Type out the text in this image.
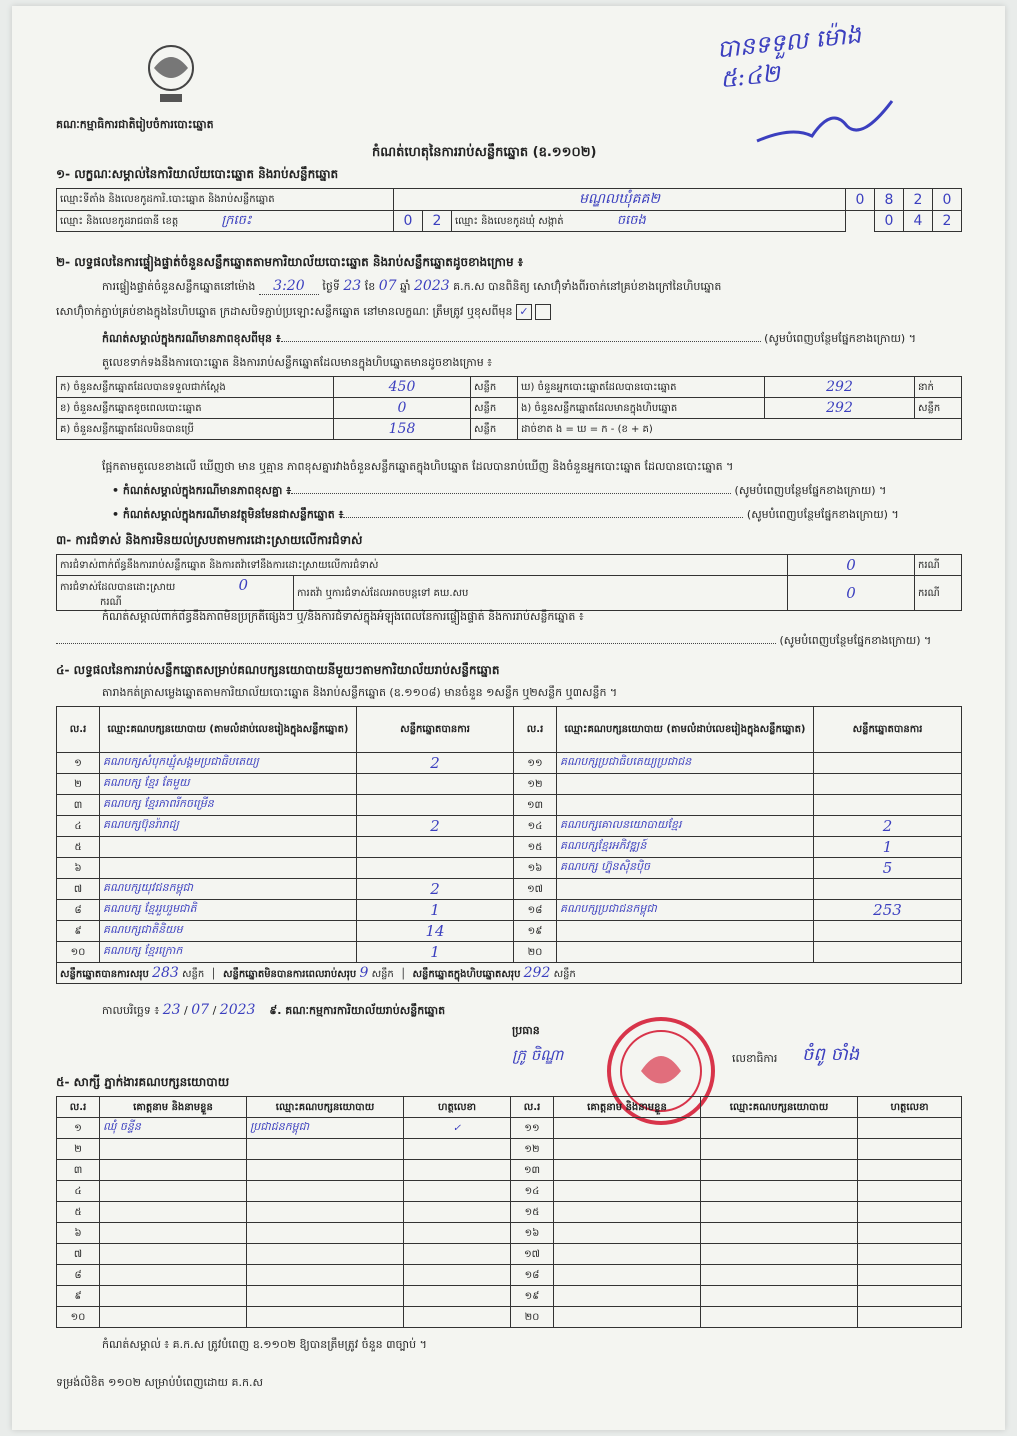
គណៈកម្មាធិការជាតិរៀបចំការបោះឆ្នោត
បានទទួល ម៉ោង ៥:៤២
កំណត់ហេតុនៃការរាប់សន្លឹកឆ្នោត (ឧ.១១០២)
១- លក្ខណៈសម្គាល់នៃការិយាល័យបោះឆ្នោត និងរាប់សន្លឹកឆ្នោត
ឈ្មោះទីតាំង និងលេខកូដការិ.បោះឆ្នោត និងរាប់សន្លឹកឆ្នោត	មណ្ឌលឃុំគគ២			0	8	2	0
ឈ្មោះ និងលេខកូដរាជធានី ខេត្ត ក្រចេះ	0	2	ឈ្មោះ និងលេខកូដឃុំ សង្កាត់ ចចេង		0	4	2
២- លទ្ធផលនៃការផ្ទៀងផ្ទាត់ចំនួនសន្លឹកឆ្នោតតាមការិយាល័យបោះឆ្នោត និងរាប់សន្លឹកឆ្នោតដូចខាងក្រោម ៖
ការផ្ទៀងផ្ទាត់ចំនួនសន្លឹកឆ្នោតនៅម៉ោង 3:20 ថ្ងៃទី 23 ខែ 07 ឆ្នាំ 2023 គ.ក.ស បានពិនិត្យ សោហ៊ុំទាំងពីរចាក់នៅគ្រប់ខាងក្រៅនៃហិបឆ្នោត
សោហ៊ុំចាក់ភ្ជាប់គ្រប់ខាងក្នុងនៃហិបឆ្នោត ក្រដាសបិទភ្ជាប់ប្រឡោះសន្លឹកឆ្នោត នៅមានលក្ខណៈ ត្រឹមត្រូវ ឬខុសពីមុន ✓
កំណត់សម្គាល់ក្នុងករណីមានភាពខុសពីមុន ៖	(សូមបំពេញបន្ថែមផ្នែកខាងក្រោយ) ។
តួលេខទាក់ទងនឹងការបោះឆ្នោត និងការរាប់សន្លឹកឆ្នោតដែលមានក្នុងហិបឆ្នោតមានដូចខាងក្រោម ៖
ក) ចំនួនសន្លឹកឆ្នោតដែលបានទទួលជាក់ស្តែង	450	សន្លឹក	ឃ) ចំនួនអ្នកបោះឆ្នោតដែលបានបោះឆ្នោត	292	នាក់
ខ) ចំនួនសន្លឹកឆ្នោតខូចពេលបោះឆ្នោត	0	សន្លឹក	ង) ចំនួនសន្លឹកឆ្នោតដែលមានក្នុងហិបឆ្នោត	292	សន្លឹក
គ) ចំនួនសន្លឹកឆ្នោតដែលមិនបានប្រើ	158	សន្លឹក	ដាច់ខាត ង = ឃ = ក - (ខ + គ)		
ផ្អែកតាមតួលេខខាងលើ ឃើញថា មាន ឬគ្មាន ភាពខុសគ្នារវាងចំនួនសន្លឹកឆ្នោតក្នុងហិបឆ្នោត ដែលបានរាប់ឃើញ និងចំនួនអ្នកបោះឆ្នោត ដែលបានបោះឆ្នោត ។
• កំណត់សម្គាល់ក្នុងករណីមានភាពខុសគ្នា ៖	(សូមបំពេញបន្ថែមផ្នែកខាងក្រោយ) ។
• កំណត់សម្គាល់ក្នុងករណីមានវត្ថុមិនមែនជាសន្លឹកឆ្នោត ៖	(សូមបំពេញបន្ថែមផ្នែកខាងក្រោយ) ។
៣- ការជំទាស់ និងការមិនយល់ស្របតាមការដោះស្រាយលើការជំទាស់
ការជំទាស់ពាក់ព័ន្ធនឹងការរាប់សន្លឹកឆ្នោត និងការតវ៉ាទៅនឹងការដោះស្រាយលើការជំទាស់		0	ករណី
ការជំទាស់ដែលបានដោះស្រាយ 0 ករណី	ការតវ៉ា ឬការជំទាស់ដែលអាចបន្តទៅ គឃ.សប	0	ករណី
កំណត់សម្គាល់ពាក់ព័ន្ធនឹងភាពមិនប្រក្រតីផ្សេងៗ ឬ/និងការជំទាស់ក្នុងអំឡុងពេលនៃការផ្ទៀងផ្ទាត់ និងការរាប់សន្លឹកឆ្នោត ៖
(សូមបំពេញបន្ថែមផ្នែកខាងក្រោយ) ។
៤- លទ្ធផលនៃការរាប់សន្លឹកឆ្នោតសម្រាប់គណបក្សនយោបាយនីមួយៗតាមការិយាល័យរាប់សន្លឹកឆ្នោត
តារាងកត់ត្រាសម្លេងឆ្នោតតាមការិយាល័យបោះឆ្នោត និងរាប់សន្លឹកឆ្នោត (ឧ.១១០៨) មានចំនួន ១សន្លឹក ឬ២សន្លឹក ឬ៣សន្លឹក ។
ល.រ	ឈ្មោះគណបក្សនយោបាយ (តាមលំដាប់លេខរៀងក្នុងសន្លឹកឆ្នោត)	សន្លឹកឆ្នោតបានការ	ល.រ	ឈ្មោះគណបក្សនយោបាយ (តាមលំដាប់លេខរៀងក្នុងសន្លឹកឆ្នោត)	សន្លឹកឆ្នោតបានការ
១	គណបក្សសំបុកឃ្មុំសង្គមប្រជាធិបតេយ្យ	2	១១	គណបក្សប្រជាធិបតេយ្យប្រជាជន	
២	គណបក្ស ខ្មែរ តែមួយ		១២		
៣	គណបក្ស ខ្មែរភាពរីកចម្រើន		១៣		
៤	គណបក្សប៊ុនរ៉ារាជ្យ	2	១៤	គណបក្សគោលនយោបាយខ្មែរ	2
៥			១៥	គណបក្សខ្មែរអភិវឌ្ឍន៍	1
៦			១៦	គណបក្ស ហ្វ៊ុនស៊ិនប៉ិច	5
៧	គណបក្សយុវជនកម្ពុជា	2	១៧		
៨	គណបក្ស ខ្មែររួបរួមជាតិ	1	១៨	គណបក្សប្រជាជនកម្ពុជា	253
៩	គណបក្សជាតិនិយម	14	១៩		
១០	គណបក្ស ខ្មែរក្រោក	1	២០		
សន្លឹកឆ្នោតបានការសរុប 283 សន្លឹក  │  សន្លឹកឆ្នោតមិនបានការពេលរាប់សរុប 9 សន្លឹក  │  សន្លឹកឆ្នោតក្នុងហិបឆ្នោតសរុប 292 សន្លឹក					
កាលបរិច្ឆេទ ៖ 23 / 07 / 2023 ៩. គណៈកម្មការការិយាល័យរាប់សន្លឹកឆ្នោត
ប្រធាន
ក្រូ ចិណ្ឌា	លេខាធិការ ចំពូ ចាំង
៥- សាក្សី ភ្នាក់ងារគណបក្សនយោបាយ
ល.រ	គោត្តនាម និងនាមខ្លួន	ឈ្មោះគណបក្សនយោបាយ	ហត្ថលេខា	ល.រ	គោត្តនាម និងនាមខ្លួន	ឈ្មោះគណបក្សនយោបាយ	ហត្ថលេខា
១	ឈុំ ចន្ទីន	ប្រជាជនកម្ពុជា	✓	១១			
២				១២			
៣				១៣			
៤				១៤			
៥				១៥			
៦				១៦			
៧				១៧			
៨				១៨			
៩				១៩			
១០				២០			
កំណត់សម្គាល់ ៖ គ.ក.ស ត្រូវបំពេញ ឧ.១១០២ ឱ្យបានត្រឹមត្រូវ ចំនួន ៣ច្បាប់ ។
ទម្រង់លិខិត ១១០២ សម្រាប់បំពេញដោយ គ.ក.ស
